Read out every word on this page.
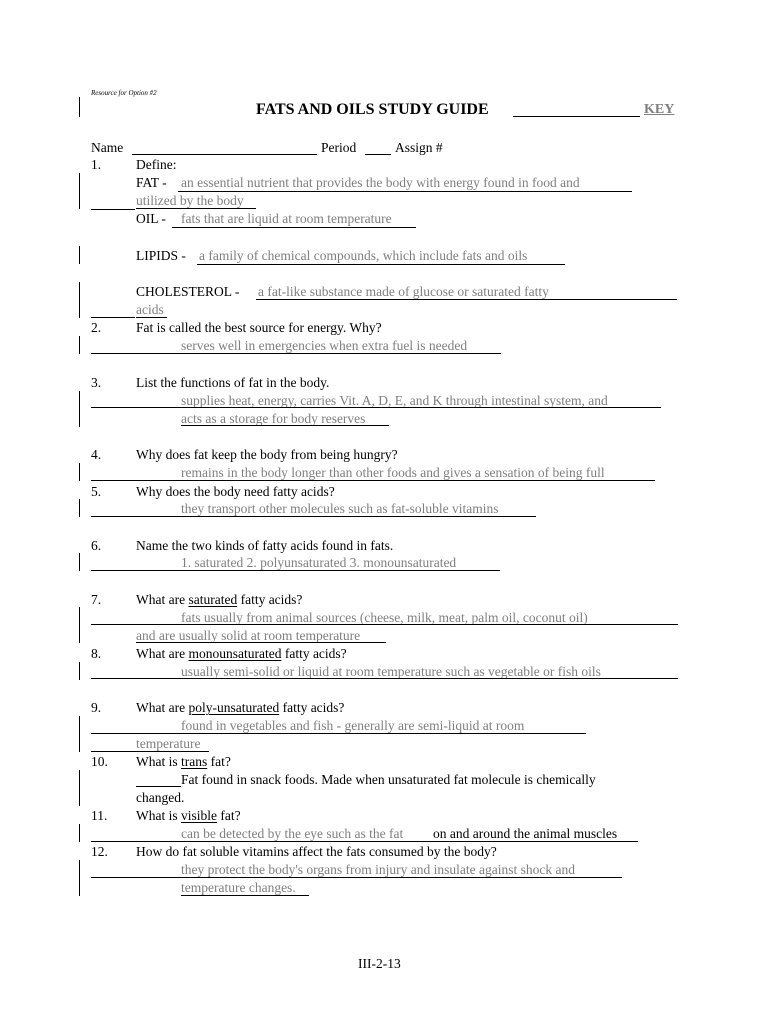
Resource for Option #2
FATS AND OILS STUDY GUIDE	KEY
Name	Period	Assign #
1.	Define:
FAT - an essential nutrient that provides the body with energy found in food and
utilized by the body
OIL - fats that are liquid at room temperature
LIPIDS - a family of chemical compounds, which include fats and oils
CHOLESTEROL - a fat-like substance made of glucose or saturated fatty
acids
2.	Fat is called the best source for energy. Why?
serves well in emergencies when extra fuel is needed
3.	List the functions of fat in the body.
supplies heat, energy, carries Vit. A, D, E, and K through intestinal system, and
acts as a storage for body reserves
4.	Why does fat keep the body from being hungry?
remains in the body longer than other foods and gives a sensation of being full
5.	Why does the body need fatty acids?
they transport other molecules such as fat-soluble vitamins
6.	Name the two kinds of fatty acids found in fats.
1. saturated 2. polyunsaturated 3. monounsaturated
7.	What are saturated fatty acids?
fats usually from animal sources (cheese, milk, meat, palm oil, coconut oil)
and are usually solid at room temperature
8.	What are monounsaturated fatty acids?
usually semi-solid or liquid at room temperature such as vegetable or fish oils
9.	What are poly-unsaturated fatty acids?
found in vegetables and fish - generally are semi-liquid at room
temperature
10. What is trans fat?
Fat found in snack foods. Made when unsaturated fat molecule is chemically
changed.
11. What is visible fat?
can be detected by the eye such as the fat on and around the animal muscles
12. How do fat soluble vitamins affect the fats consumed by the body?
they protect the body's organs from injury and insulate against shock and
temperature changes.
III-2-13
